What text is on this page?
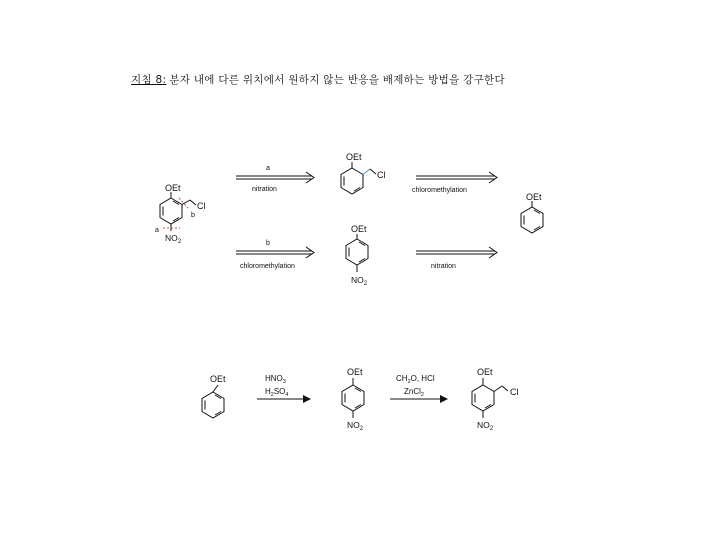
지침 8: 분자 내에 다른 위치에서 원하지 않는 반응을 배제하는 방법을 강구한다
OEt
Cl
$NO_2$
b
a
a
nitration
OEt
Cl
chloromethylation
OEt
b
chloromethylation
OEt
$NO_2$
nitration
OEt	$HNO_3$
$H_2SO_4$
OEt
$NO_2$
$CH_2O$, HCl
ZnCl$_2$
OEt
Cl
$NO_2$
